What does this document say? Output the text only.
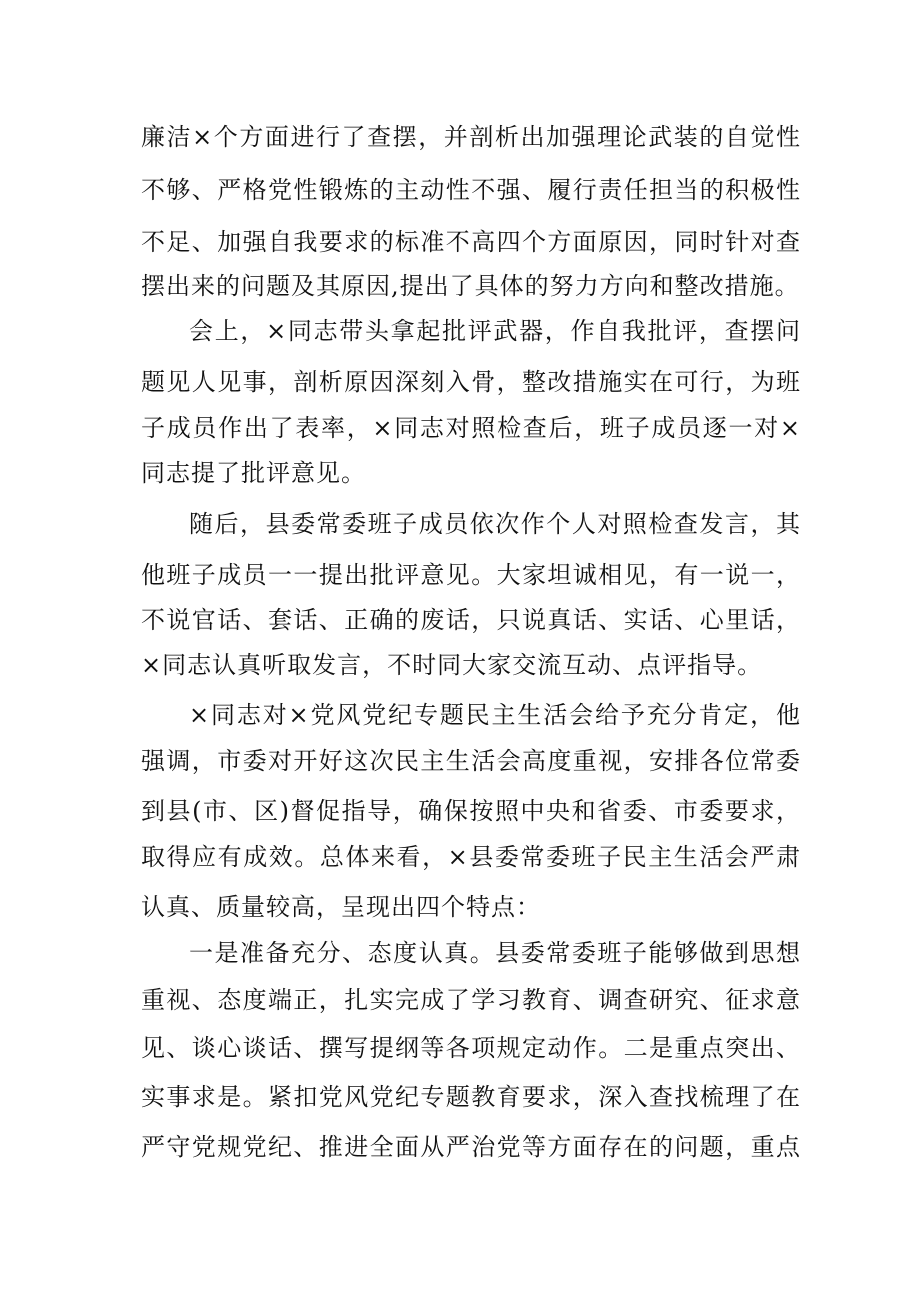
廉洁×个方面进行了查摆，并剖析出加强理论武装的自觉性
不够、严格党性锻炼的主动性不强、履行责任担当的积极性
不足、加强自我要求的标准不高四个方面原因，同时针对查
摆出来的问题及其原因,提出了具体的努力方向和整改措施。
会上，×同志带头拿起批评武器，作自我批评，查摆问
题见人见事，剖析原因深刻入骨，整改措施实在可行，为班
子成员作出了表率，×同志对照检查后，班子成员逐一对×
同志提了批评意见。
随后，县委常委班子成员依次作个人对照检查发言，其
他班子成员一一提出批评意见。大家坦诚相见，有一说一，
不说官话、套话、正确的废话，只说真话、实话、心里话，
×同志认真听取发言，不时同大家交流互动、点评指导。
×同志对×党风党纪专题民主生活会给予充分肯定，他
强调，市委对开好这次民主生活会高度重视，安排各位常委
到县(市、区)督促指导，确保按照中央和省委、市委要求，
取得应有成效。总体来看，×县委常委班子民主生活会严肃
认真、质量较高，呈现出四个特点：
一是准备充分、态度认真。县委常委班子能够做到思想
重视、态度端正，扎实完成了学习教育、调查研究、征求意
见、谈心谈话、撰写提纲等各项规定动作。二是重点突出、
实事求是。紧扣党风党纪专题教育要求，深入查找梳理了在
严守党规党纪、推进全面从严治党等方面存在的问题，重点
